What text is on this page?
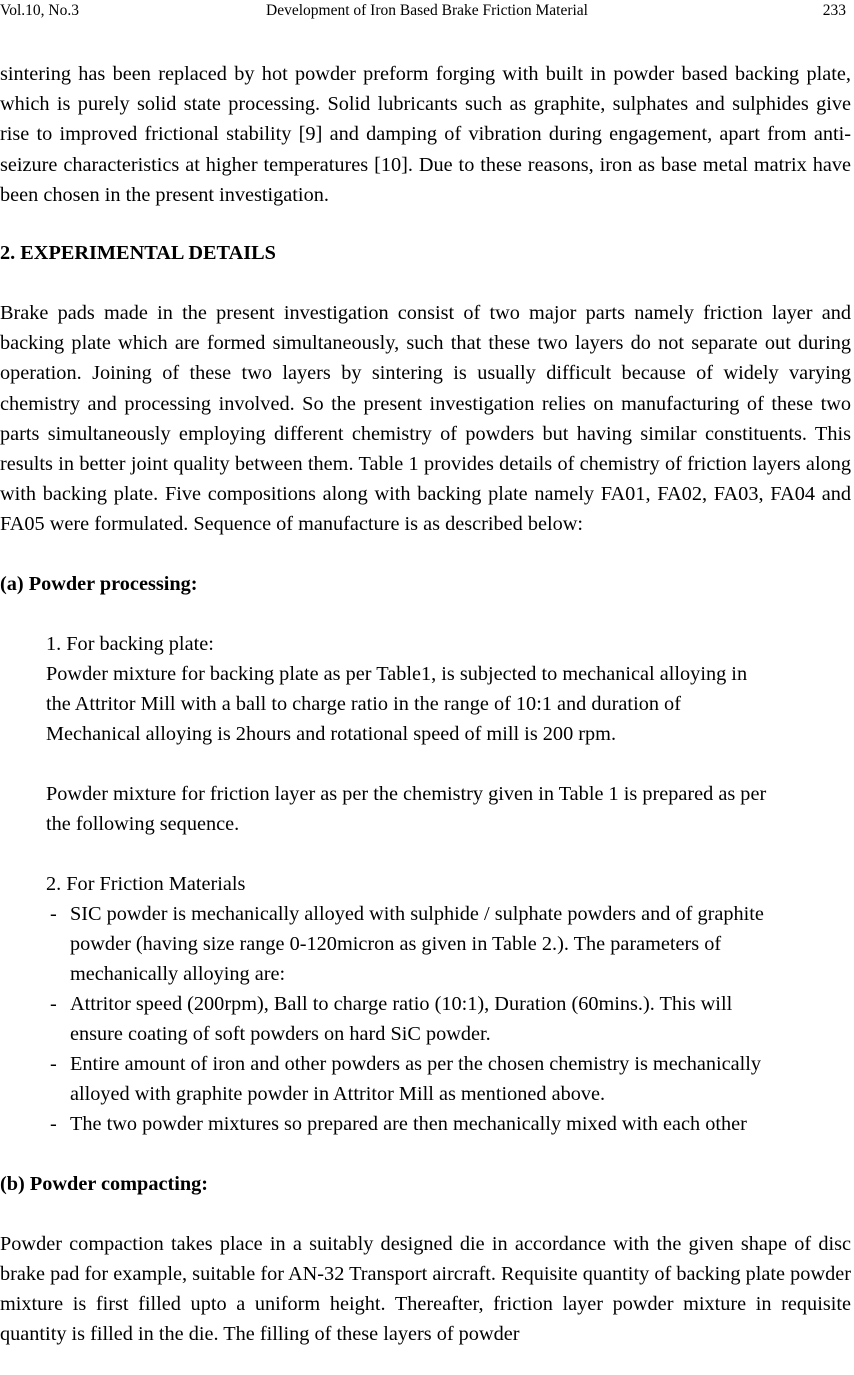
Vol.10, No.3	Development of Iron Based Brake Friction Material	233

sintering has been replaced by hot powder preform forging with built in powder based backing plate, which is purely solid state processing. Solid lubricants such as graphite, sulphates and sulphides give rise to improved frictional stability [9] and damping of vibration during engagement, apart from anti-seizure characteristics at higher temperatures [10]. Due to these reasons, iron as base metal matrix have been chosen in the present investigation.

2. EXPERIMENTAL DETAILS

Brake pads made in the present investigation consist of two major parts namely friction layer and backing plate which are formed simultaneously, such that these two layers do not separate out during operation. Joining of these two layers by sintering is usually difficult because of widely varying chemistry and processing involved. So the present investigation relies on manufacturing of these two parts simultaneously employing different chemistry of powders but having similar constituents. This results in better joint quality between them. Table 1 provides details of chemistry of friction layers along with backing plate. Five compositions along with backing plate namely FA01, FA02, FA03, FA04 and FA05 were formulated. Sequence of manufacture is as described below:

(a) Powder processing:

1. For backing plate:

Powder mixture for backing plate as per Table1, is subjected to mechanical alloying in

the Attritor Mill with a ball to charge ratio in the range of 10:1 and duration of

Mechanical alloying is 2hours and rotational speed of mill is 200 rpm.

Powder mixture for friction layer as per the chemistry given in Table 1 is prepared as per

the following sequence.

2. For Friction Materials

- SIC powder is mechanically alloyed with sulphide / sulphate powders and of graphite
powder (having size range 0-120micron as given in Table 2.). The parameters of
mechanically alloying are:
- Attritor speed (200rpm), Ball to charge ratio (10:1), Duration (60mins.). This will
ensure coating of soft powders on hard SiC powder.
- Entire amount of iron and other powders as per the chosen chemistry is mechanically
alloyed with graphite powder in Attritor Mill as mentioned above.
- The two powder mixtures so prepared are then mechanically mixed with each other

(b) Powder compacting:

Powder compaction takes place in a suitably designed die in accordance with the given shape of disc brake pad for example, suitable for AN-32 Transport aircraft. Requisite quantity of backing plate powder mixture is first filled upto a uniform height. Thereafter, friction layer powder mixture in requisite quantity is filled in the die. The filling of these layers of powder
